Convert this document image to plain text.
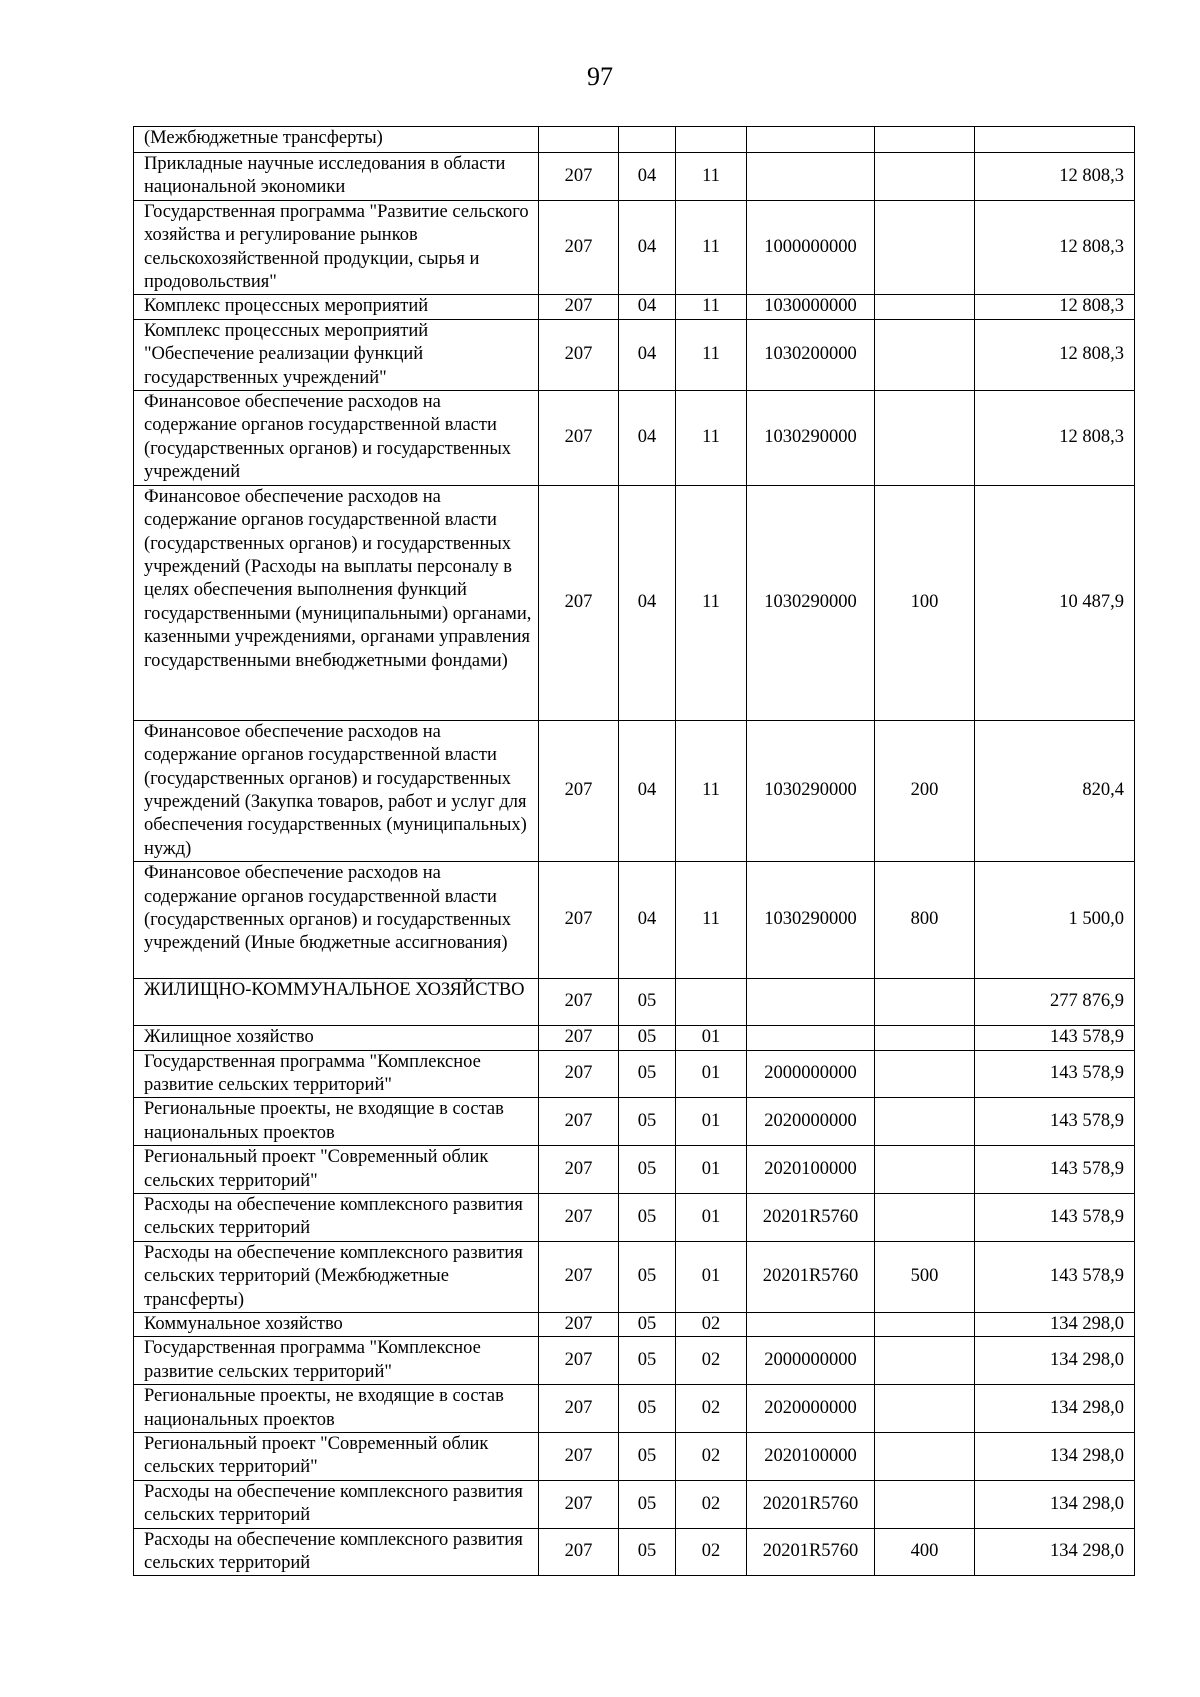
97
(Межбюджетные трансферты)						
Прикладные научные исследования в области национальной экономики	207	04	11			12 808,3
Государственная программа "Развитие сельского хозяйства и регулирование рынков сельскохозяйственной продукции, сырья и продовольствия"	207	04	11	1000000000		12 808,3
Комплекс процессных мероприятий	207	04	11	1030000000		12 808,3
Комплекс процессных мероприятий "Обеспечение реализации функций государственных учреждений"	207	04	11	1030200000		12 808,3
Финансовое обеспечение расходов на содержание органов государственной власти (государственных органов) и государственных учреждений	207	04	11	1030290000		12 808,3
Финансовое обеспечение расходов на содержание органов государственной власти (государственных органов) и государственных учреждений (Расходы на выплаты персоналу в целях обеспечения выполнения функций государственными (муниципальными) органами, казенными учреждениями, органами управления государственными внебюджетными фондами)	207	04	11	1030290000	100	10 487,9
Финансовое обеспечение расходов на содержание органов государственной власти (государственных органов) и государственных учреждений (Закупка товаров, работ и услуг для обеспечения государственных (муниципальных) нужд)	207	04	11	1030290000	200	820,4
Финансовое обеспечение расходов на содержание органов государственной власти (государственных органов) и государственных учреждений (Иные бюджетные ассигнования)	207	04	11	1030290000	800	1 500,0
ЖИЛИЩНО-КОММУНАЛЬНОЕ ХОЗЯЙСТВО	207	05				277 876,9
Жилищное хозяйство	207	05	01			143 578,9
Государственная программа "Комплексное развитие сельских территорий"	207	05	01	2000000000		143 578,9
Региональные проекты, не входящие в состав национальных проектов	207	05	01	2020000000		143 578,9
Региональный проект "Современный облик сельских территорий"	207	05	01	2020100000		143 578,9
Расходы на обеспечение комплексного развития сельских территорий	207	05	01	20201R5760		143 578,9
Расходы на обеспечение комплексного развития сельских территорий (Межбюджетные трансферты)	207	05	01	20201R5760	500	143 578,9
Коммунальное хозяйство	207	05	02			134 298,0
Государственная программа "Комплексное развитие сельских территорий"	207	05	02	2000000000		134 298,0
Региональные проекты, не входящие в состав национальных проектов	207	05	02	2020000000		134 298,0
Региональный проект "Современный облик сельских территорий"	207	05	02	2020100000		134 298,0
Расходы на обеспечение комплексного развития сельских территорий	207	05	02	20201R5760		134 298,0
Расходы на обеспечение комплексного развития сельских территорий	207	05	02	20201R5760	400	134 298,0
